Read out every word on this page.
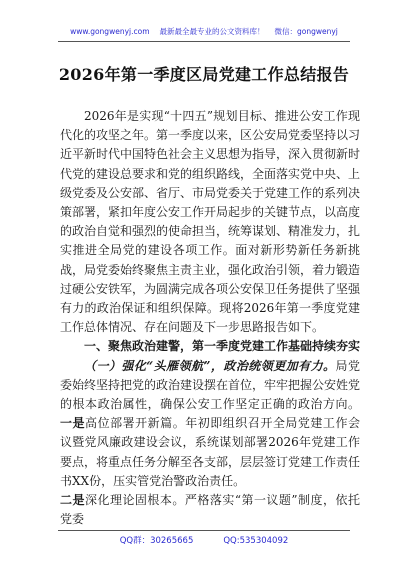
www.gongwenyj.com 最新最全最专业的公文资料库！ 微信：gongwenyj
2026年第一季度区局党建工作总结报告

2026年是实现“十四五”规划目标、推进公安工作现代化的攻坚之年。第一季度以来，区公安局党委坚持以习近平新时代中国特色社会主义思想为指导，深入贯彻新时代党的建设总要求和党的组织路线，全面落实党中央、上级党委及公安部、省厅、市局党委关于党建工作的系列决策部署，紧扣年度公安工作开局起步的关键节点，以高度的政治自觉和强烈的使命担当，统筹谋划、精准发力，扎实推进全局党的建设各项工作。面对新形势新任务新挑战，局党委始终聚焦主责主业，强化政治引领，着力锻造过硬公安铁军，为圆满完成各项公安保卫任务提供了坚强有力的政治保证和组织保障。现将2026年第一季度党建工作总体情况、存在问题及下一步思路报告如下。

一、聚焦政治建警，第一季度党建工作基础持续夯实

（一）强化“头雁领航”，政治统领更加有力。局党委始终坚持把党的政治建设摆在首位，牢牢把握公安姓党的根本政治属性，确保公安工作坚定正确的政治方向。一是高位部署开新篇。年初即组织召开全局党建工作会议暨党风廉政建设会议，系统谋划部署2026年党建工作要点，将重点任务分解至各支部，层层签订党建工作责任书XX份，压实管党治警政治责任。

二是深化理论固根本。严格落实“第一议题”制度，依托党委

QQ群：30265665	QQ:535304092
